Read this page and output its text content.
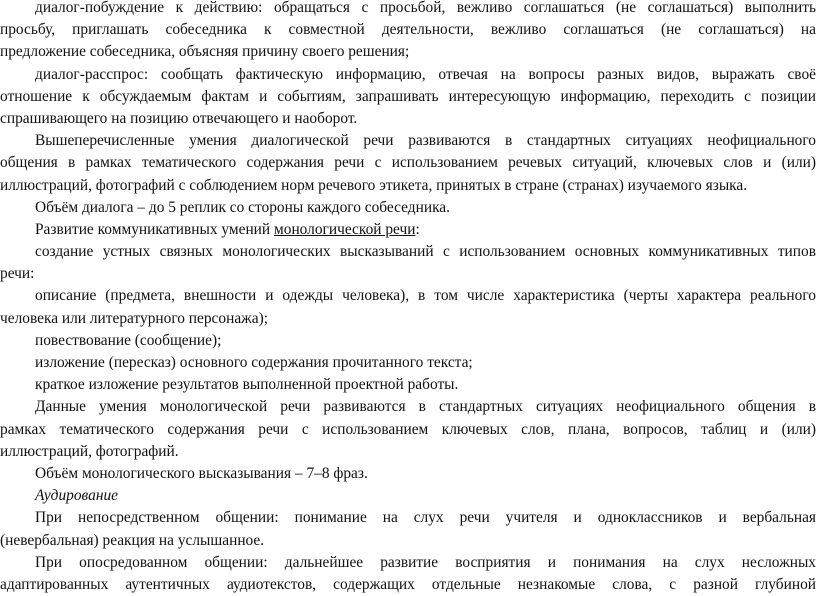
диалог-побуждение к действию: обращаться с просьбой, вежливо соглашаться (не соглашаться) выполнить
просьбу, приглашать собеседника к совместной деятельности, вежливо соглашаться (не соглашаться) на
предложение собеседника, объясняя причину своего решения;
диалог-расспрос: сообщать фактическую информацию, отвечая на вопросы разных видов, выражать своё
отношение к обсуждаемым фактам и событиям, запрашивать интересующую информацию, переходить с позиции
спрашивающего на позицию отвечающего и наоборот.
Вышеперечисленные умения диалогической речи развиваются в стандартных ситуациях неофициального
общения в рамках тематического содержания речи с использованием речевых ситуаций, ключевых слов и (или)
иллюстраций, фотографий с соблюдением норм речевого этикета, принятых в стране (странах) изучаемого языка.
Объём диалога – до 5 реплик со стороны каждого собеседника.
Развитие коммуникативных умений монологической речи:
создание устных связных монологических высказываний с использованием основных коммуникативных типов
речи:
описание (предмета, внешности и одежды человека), в том числе характеристика (черты характера реального
человека или литературного персонажа);
повествование (сообщение);
изложение (пересказ) основного содержания прочитанного текста;
краткое изложение результатов выполненной проектной работы.
Данные умения монологической речи развиваются в стандартных ситуациях неофициального общения в
рамках тематического содержания речи с использованием ключевых слов, плана, вопросов, таблиц и (или)
иллюстраций, фотографий.
Объём монологического высказывания – 7–8 фраз.
Аудирование
При непосредственном общении: понимание на слух речи учителя и одноклассников и вербальная
(невербальная) реакция на услышанное.
При опосредованном общении: дальнейшее развитие восприятия и понимания на слух несложных
адаптированных аутентичных аудиотекстов, содержащих отдельные незнакомые слова, с разной глубиной
